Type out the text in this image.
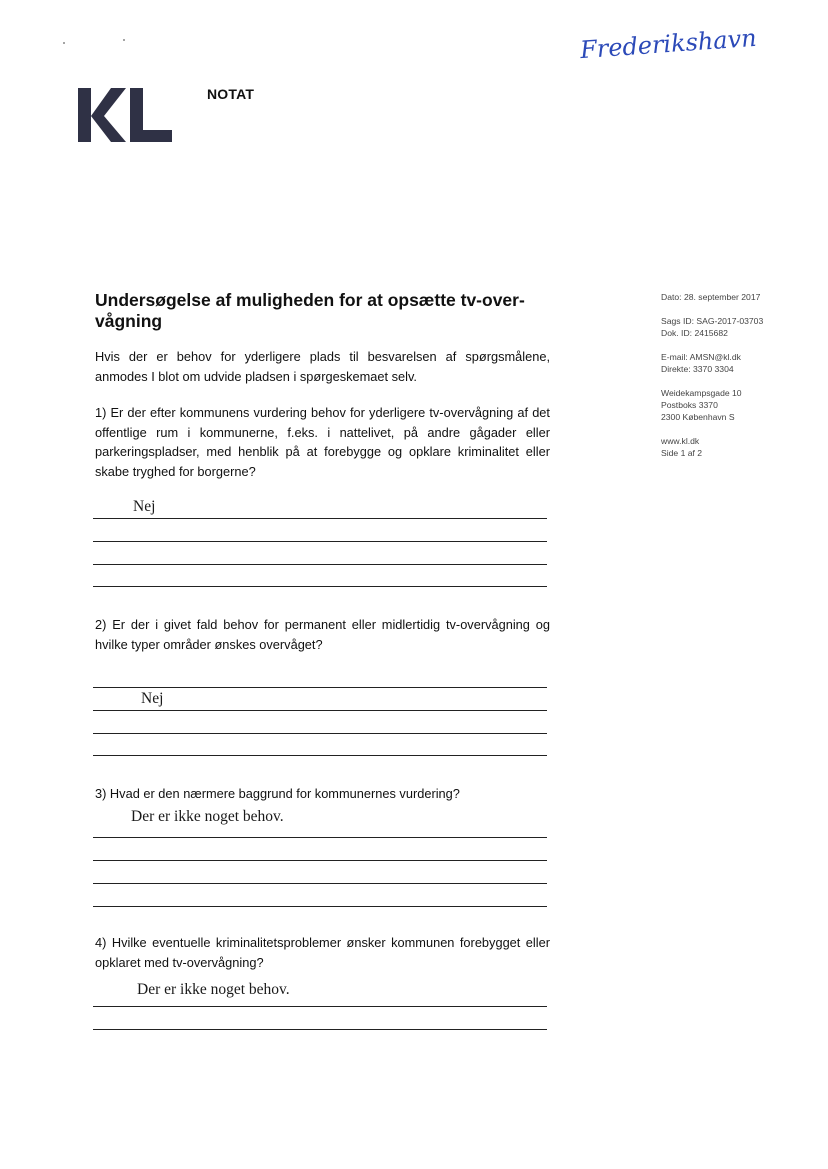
NOTAT
Frederikshavn
Undersøgelse af muligheden for at opsætte tv-over-
vågning
Hvis der er behov for yderligere plads til besvarelsen af spørgsmålene, anmodes I blot om udvide pladsen i spørgeskemaet selv.
1) Er der efter kommunens vurdering behov for yderligere tv-overvågning af det offentlige rum i kommunerne, f.eks. i nattelivet, på andre gågader eller parkeringspladser, med henblik på at forebygge og opklare kriminalitet eller skabe tryghed for borgerne?
Nej
2) Er der i givet fald behov for permanent eller midlertidig tv-overvågning og hvilke typer områder ønskes overvåget?
Nej
3) Hvad er den nærmere baggrund for kommunernes vurdering?
Der er ikke noget behov.
4) Hvilke eventuelle kriminalitetsproblemer ønsker kommunen forebygget eller opklaret med tv-overvågning?
Der er ikke noget behov.
Dato: 28. september 2017
Sags ID: SAG-2017-03703
Dok. ID: 2415682
E-mail: AMSN@kl.dk
Direkte: 3370 3304
Weidekampsgade 10
Postboks 3370
2300 København S
www.kl.dk
Side 1 af 2
